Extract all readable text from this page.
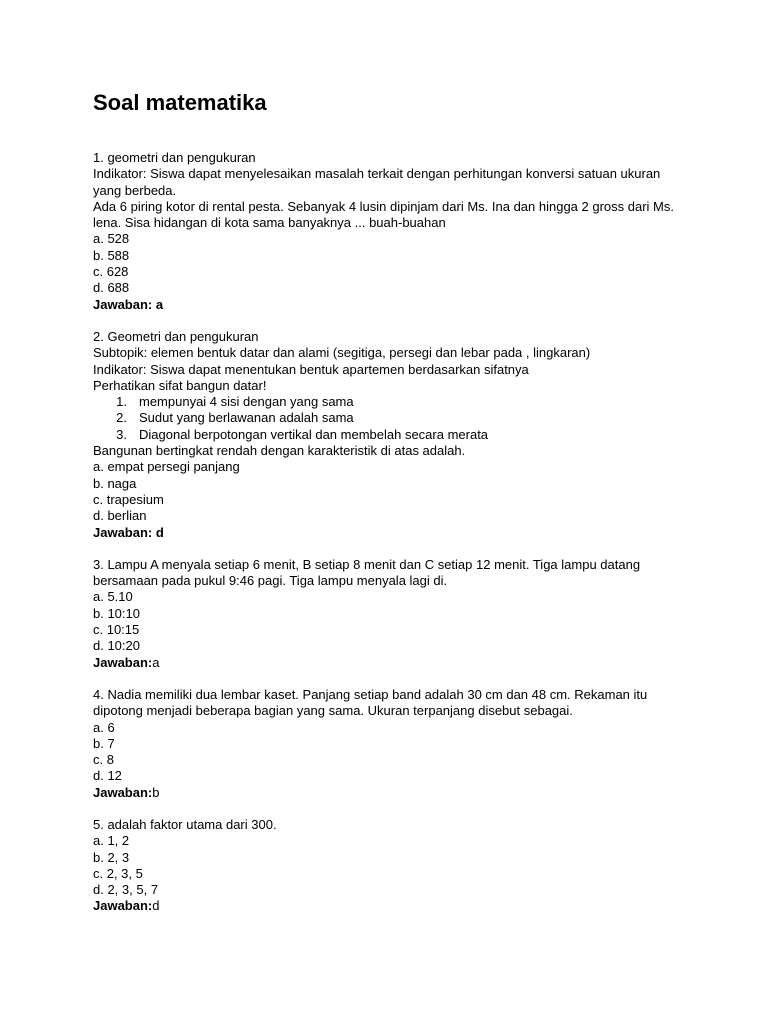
Soal matematika
1. geometri dan pengukuran
Indikator: Siswa dapat menyelesaikan masalah terkait dengan perhitungan konversi satuan ukuran yang berbeda.
Ada 6 piring kotor di rental pesta. Sebanyak 4 lusin dipinjam dari Ms. Ina dan hingga 2 gross dari Ms. lena. Sisa hidangan di kota sama banyaknya ... buah-buahan
a. 528
b. 588
c. 628
d. 688
Jawaban: a
2. Geometri dan pengukuran
Subtopik: elemen bentuk datar dan alami (segitiga, persegi dan lebar pada , lingkaran)
Indikator: Siswa dapat menentukan bentuk apartemen berdasarkan sifatnya
Perhatikan sifat bangun datar!
1. mempunyai 4 sisi dengan yang sama
2. Sudut yang berlawanan adalah sama
3. Diagonal berpotongan vertikal dan membelah secara merata
Bangunan bertingkat rendah dengan karakteristik di atas adalah.
a. empat persegi panjang
b. naga
c. trapesium
d. berlian
Jawaban: d
3. Lampu A menyala setiap 6 menit, B setiap 8 menit dan C setiap 12 menit. Tiga lampu datang bersamaan pada pukul 9:46 pagi. Tiga lampu menyala lagi di.
a. 5.10
b. 10:10
c. 10:15
d. 10:20
Jawaban:a
4. Nadia memiliki dua lembar kaset. Panjang setiap band adalah 30 cm dan 48 cm. Rekaman itu dipotong menjadi beberapa bagian yang sama. Ukuran terpanjang disebut sebagai.
a. 6
b. 7
c. 8
d. 12
Jawaban:b
5. adalah faktor utama dari 300.
a. 1, 2
b. 2, 3
c. 2, 3, 5
d. 2, 3, 5, 7
Jawaban:d
